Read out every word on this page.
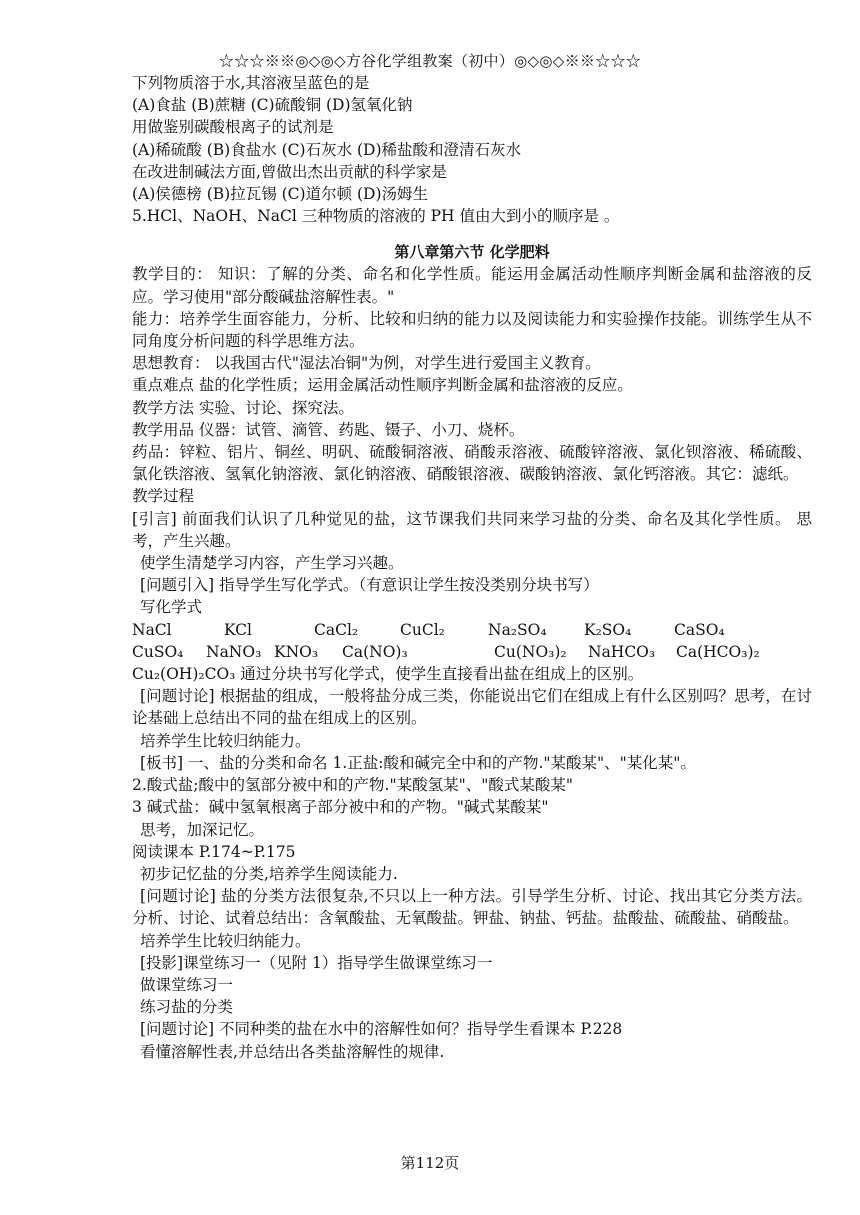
☆☆☆※※◎◇◎◇方谷化学组教案（初中）◎◇◎◇※※☆☆☆

下列物质溶于水,其溶液呈蓝色的是

(A)食盐 (B)蔗糖 (C)硫酸铜 (D)氢氧化钠

用做鉴别碳酸根离子的试剂是

(A)稀硫酸 (B)食盐水 (C)石灰水 (D)稀盐酸和澄清石灰水

在改进制碱法方面,曾做出杰出贡献的科学家是

(A)侯德榜 (B)拉瓦锡 (C)道尔顿 (D)汤姆生

5.HCl、NaOH、NaCl 三种物质的溶液的 PH 值由大到小的顺序是 。

第八章第六节 化学肥料

教学目的： 知识：了解的分类、命名和化学性质。能运用金属活动性顺序判断金属和盐溶液的反应。学习使用"部分酸碱盐溶解性表。"

能力：培养学生面容能力，分析、比较和归纳的能力以及阅读能力和实验操作技能。训练学生从不同角度分析问题的科学思维方法。

思想教育： 以我国古代"湿法冶铜"为例，对学生进行爱国主义教育。

重点难点 盐的化学性质；运用金属活动性顺序判断金属和盐溶液的反应。

教学方法 实验、讨论、探究法。

教学用品 仪器：试管、滴管、药匙、镊子、小刀、烧杯。

药品：锌粒、铝片、铜丝、明矾、硫酸铜溶液、硝酸汞溶液、硫酸锌溶液、氯化钡溶液、稀硫酸、氯化铁溶液、氢氧化钠溶液、氯化钠溶液、硝酸银溶液、碳酸钠溶液、氯化钙溶液。其它：滤纸。

教学过程

[引言] 前面我们认识了几种觉见的盐，这节课我们共同来学习盐的分类、命名及其化学性质。 思考，产生兴趣。

使学生清楚学习内容，产生学习兴趣。

[问题引入] 指导学生写化学式。（有意识让学生按没类别分块书写）

写化学式

NaCl	KCl	CaCl₂	CuCl₂	Na₂SO₄	K₂SO₄	CaSO₄
CuSO₄	NaNO₃ KNO₃	Ca(NO)₃	Cu(NO₃)₂	NaHCO₃	Ca(HCO₃)₂

Cu₂(OH)₂CO₃ 通过分块书写化学式，使学生直接看出盐在组成上的区别。

[问题讨论] 根据盐的组成，一般将盐分成三类，你能说出它们在组成上有什么区别吗？思考，在讨论基础上总结出不同的盐在组成上的区别。

培养学生比较归纳能力。

[板书] 一、盐的分类和命名 1.正盐:酸和碱完全中和的产物."某酸某"、"某化某"。

2.酸式盐;酸中的氢部分被中和的产物."某酸氢某"、"酸式某酸某"

3 碱式盐：碱中氢氧根离子部分被中和的产物。"碱式某酸某"

思考，加深记忆。

阅读课本 P.174~P.175

初步记忆盐的分类,培养学生阅读能力.

[问题讨论] 盐的分类方法很复杂,不只以上一种方法。引导学生分析、讨论、找出其它分类方法。 分析、讨论、试着总结出：含氧酸盐、无氧酸盐。钾盐、钠盐、钙盐。盐酸盐、硫酸盐、硝酸盐。

培养学生比较归纳能力。

[投影]课堂练习一（见附 1）指导学生做课堂练习一

做课堂练习一

练习盐的分类

[问题讨论] 不同种类的盐在水中的溶解性如何？指导学生看课本 P.228

看懂溶解性表,并总结出各类盐溶解性的规律.

第112页
